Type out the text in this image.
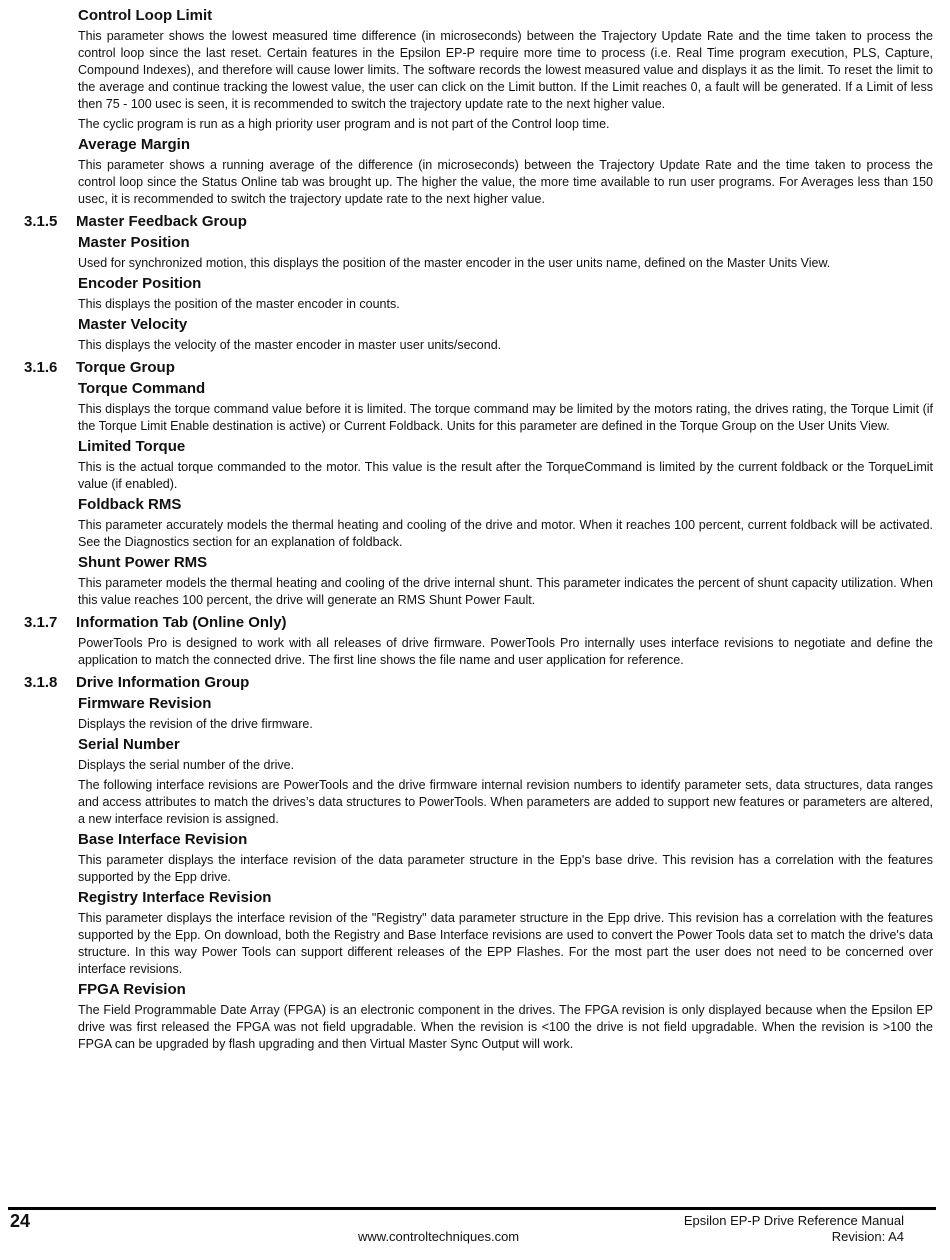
Control Loop Limit

This parameter shows the lowest measured time difference (in microseconds) between the Trajectory Update Rate and the time taken to process the control loop since the last reset. Certain features in the Epsilon EP-P require more time to process (i.e. Real Time program execution, PLS, Capture, Compound Indexes), and therefore will cause lower limits. The software records the lowest measured value and displays it as the limit. To reset the limit to the average and continue tracking the lowest value, the user can click on the Limit button. If the Limit reaches 0, a fault will be generated. If a Limit of less then 75 - 100 usec is seen, it is recommended to switch the trajectory update rate to the next higher value.

The cyclic program is run as a high priority user program and is not part of the Control loop time.

Average Margin

This parameter shows a running average of the difference (in microseconds) between the Trajectory Update Rate and the time taken to process the control loop since the Status Online tab was brought up. The higher the value, the more time available to run user programs. For Averages less than 150 usec, it is recommended to switch the trajectory update rate to the next higher value.

3.1.5	Master Feedback Group
Master Position

Used for synchronized motion, this displays the position of the master encoder in the user units name, defined on the Master Units View.

Encoder Position

This displays the position of the master encoder in counts.

Master Velocity

This displays the velocity of the master encoder in master user units/second.

3.1.6	Torque Group
Torque Command

This displays the torque command value before it is limited. The torque command may be limited by the motors rating, the drives rating, the Torque Limit (if the Torque Limit Enable destination is active) or Current Foldback. Units for this parameter are defined in the Torque Group on the User Units View.

Limited Torque

This is the actual torque commanded to the motor. This value is the result after the TorqueCommand is limited by the current foldback or the TorqueLimit value (if enabled).

Foldback RMS

This parameter accurately models the thermal heating and cooling of the drive and motor. When it reaches 100 percent, current foldback will be activated. See the Diagnostics section for an explanation of foldback.

Shunt Power RMS

This parameter models the thermal heating and cooling of the drive internal shunt. This parameter indicates the percent of shunt capacity utilization. When this value reaches 100 percent, the drive will generate an RMS Shunt Power Fault.

3.1.7	Information Tab (Online Only)

PowerTools Pro is designed to work with all releases of drive firmware. PowerTools Pro internally uses interface revisions to negotiate and define the application to match the connected drive. The first line shows the file name and user application for reference.

3.1.8	Drive Information Group
Firmware Revision

Displays the revision of the drive firmware.

Serial Number

Displays the serial number of the drive.

The following interface revisions are PowerTools and the drive firmware internal revision numbers to identify parameter sets, data structures, data ranges and access attributes to match the drives’s data structures to PowerTools. When parameters are added to support new features or parameters are altered, a new interface revision is assigned.

Base Interface Revision

This parameter displays the interface revision of the data parameter structure in the Epp's base drive. This revision has a correlation with the features supported by the Epp drive.

Registry Interface Revision

This parameter displays the interface revision of the "Registry" data parameter structure in the Epp drive. This revision has a correlation with the features supported by the Epp. On download, both the Registry and Base Interface revisions are used to convert the Power Tools data set to match the drive's data structure. In this way Power Tools can support different releases of the EPP Flashes. For the most part the user does not need to be concerned over interface revisions.

FPGA Revision

The Field Programmable Date Array (FPGA) is an electronic component in the drives. The FPGA revision is only displayed because when the Epsilon EP drive was first released the FPGA was not field upgradable. When the revision is <100 the drive is not field upgradable. When the revision is >100 the FPGA can be upgraded by flash upgrading and then Virtual Master Sync Output will work.

24	Epsilon EP-P Drive Reference Manual
www.controltechniques.com	Revision: A4
